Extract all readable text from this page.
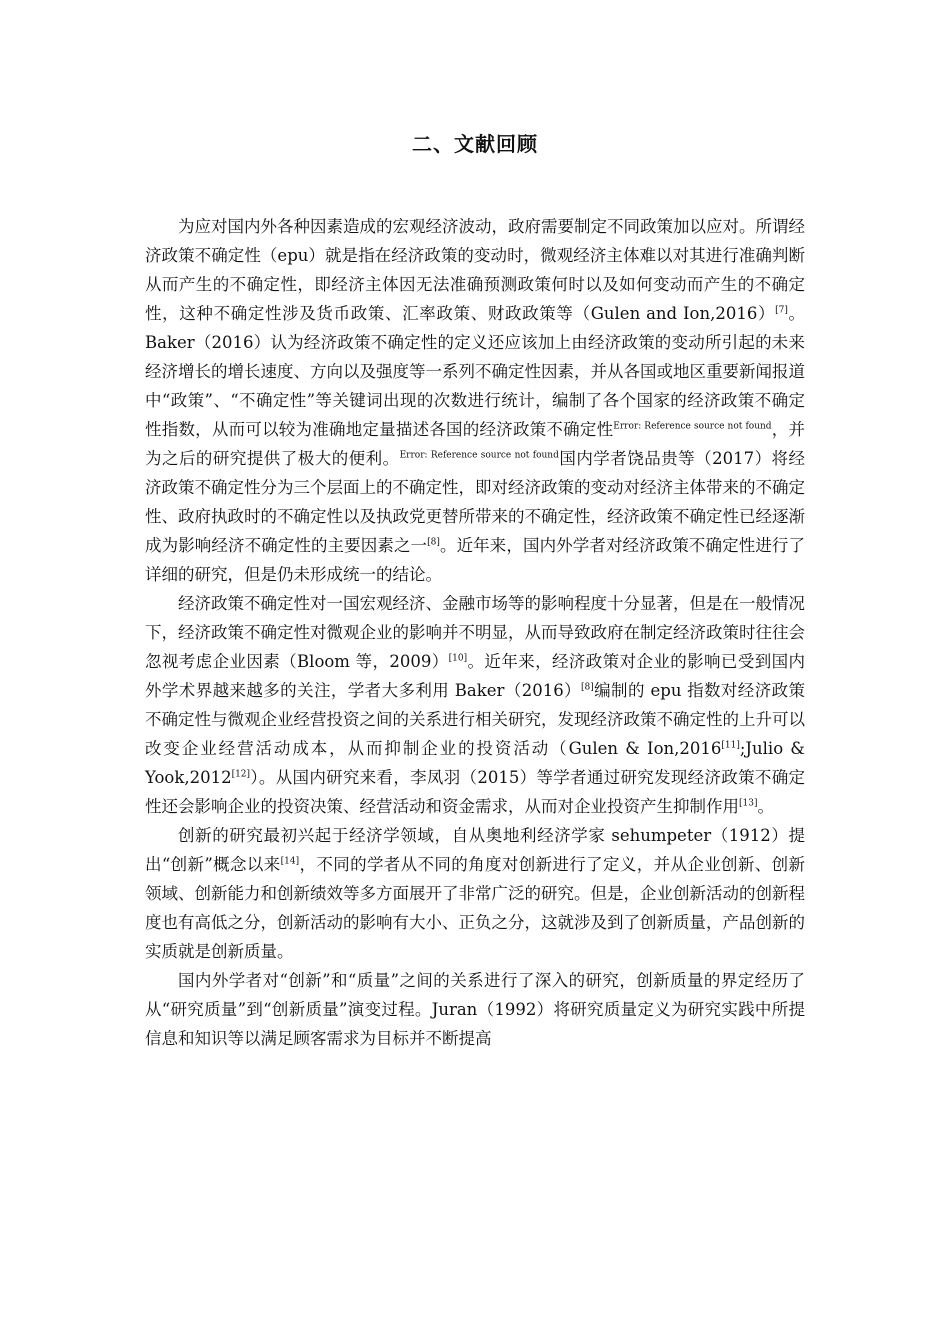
二、文献回顾

为应对国内外各种因素造成的宏观经济波动，政府需要制定不同政策加以应对。所谓经济政策不确定性（epu）就是指在经济政策的变动时，微观经济主体难以对其进行准确判断从而产生的不确定性，即经济主体因无法准确预测政策何时以及如何变动而产生的不确定性，这种不确定性涉及货币政策、汇率政策、财政政策等（Gulen and Ion,2016）[7]。Baker（2016）认为经济政策不确定性的定义还应该加上由经济政策的变动所引起的未来经济增长的增长速度、方向以及强度等一系列不确定性因素，并从各国或地区重要新闻报道中“政策”、“不确定性”等关键词出现的次数进行统计，编制了各个国家的经济政策不确定性指数，从而可以较为准确地定量描述各国的经济政策不确定性$^{Error: Reference source not found}$，并为之后的研究提供了极大的便利。$^{Error: Reference source not found}$国内学者饶品贵等（2017）将经济政策不确定性分为三个层面上的不确定性，即对经济政策的变动对经济主体带来的不确定性、政府执政时的不确定性以及执政党更替所带来的不确定性，经济政策不确定性已经逐渐成为影响经济不确定性的主要因素之一[8]。近年来，国内外学者对经济政策不确定性进行了详细的研究，但是仍未形成统一的结论。

经济政策不确定性对一国宏观经济、金融市场等的影响程度十分显著，但是在一般情况下，经济政策不确定性对微观企业的影响并不明显，从而导致政府在制定经济政策时往往会忽视考虑企业因素（Bloom 等，2009）[10]。近年来，经济政策对企业的影响已受到国内外学术界越来越多的关注，学者大多利用 Baker（2016）[8]编制的 epu 指数对经济政策不确定性与微观企业经营投资之间的关系进行相关研究，发现经济政策不确定性的上升可以改变企业经营活动成本，从而抑制企业的投资活动（Gulen & Ion,2016[11];Julio & Yook,2012[12]）。从国内研究来看，李凤羽（2015）等学者通过研究发现经济政策不确定性还会影响企业的投资决策、经营活动和资金需求，从而对企业投资产生抑制作用[13]。

创新的研究最初兴起于经济学领域，自从奥地利经济学家 sehumpeter（1912）提出“创新”概念以来[14]，不同的学者从不同的角度对创新进行了定义，并从企业创新、创新领域、创新能力和创新绩效等多方面展开了非常广泛的研究。但是，企业创新活动的创新程度也有高低之分，创新活动的影响有大小、正负之分，这就涉及到了创新质量，产品创新的实质就是创新质量。

国内外学者对“创新”和“质量”之间的关系进行了深入的研究，创新质量的界定经历了从“研究质量”到“创新质量”演变过程。Juran（1992）将研究质量定义为研究实践中所提信息和知识等以满足顾客需求为目标并不断提高
